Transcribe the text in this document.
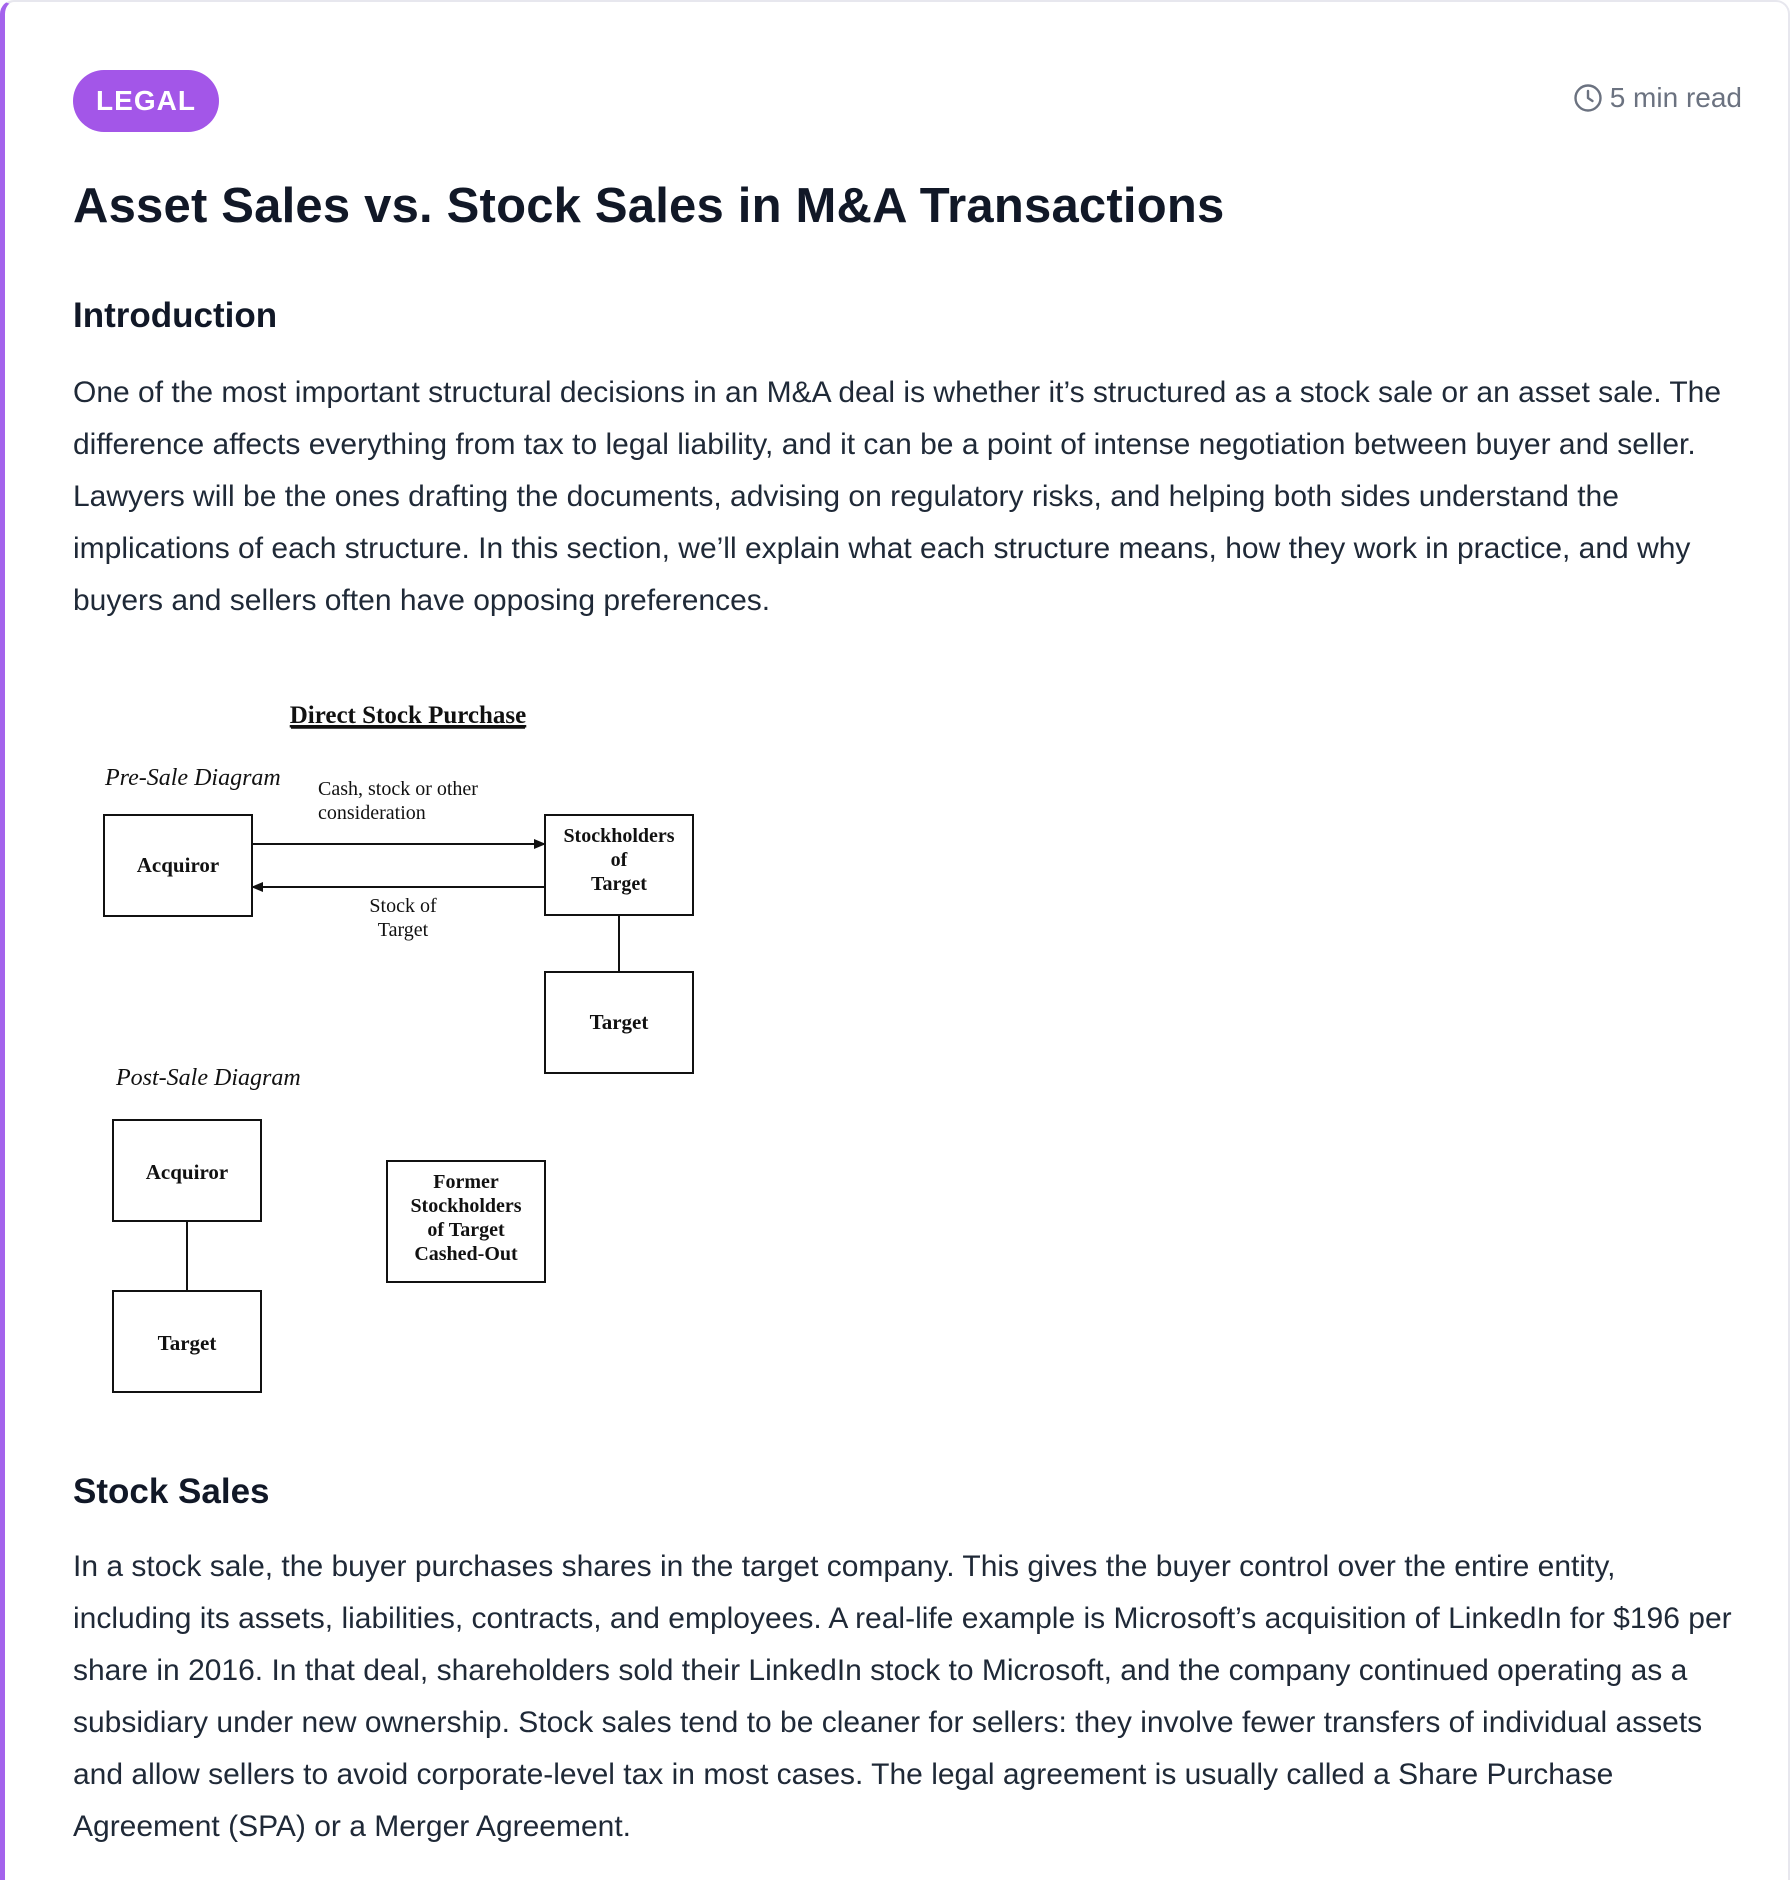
LEGAL	5 min read
Asset Sales vs. Stock Sales in M&A Transactions
Introduction

One of the most important structural decisions in an M&A deal is whether it’s structured as a stock sale or an asset sale. The difference affects everything from tax to legal liability, and it can be a point of intense negotiation between buyer and seller. Lawyers will be the ones drafting the documents, advising on regulatory risks, and helping both sides understand the implications of each structure. In this section, we’ll explain what each structure means, how they work in practice, and why buyers and sellers often have opposing preferences.

Direct Stock Purchase
Pre-Sale Diagram Cash, stock or other
consideration
Acquiror
Stockholders
of
Target
Stock of
Target
Target
Post-Sale Diagram
Acquiror
Target
Former
Stockholders
of Target
Cashed-Out
Stock Sales

In a stock sale, the buyer purchases shares in the target company. This gives the buyer control over the entire entity, including its assets, liabilities, contracts, and employees. A real-life example is Microsoft’s acquisition of LinkedIn for $196 per share in 2016. In that deal, shareholders sold their LinkedIn stock to Microsoft, and the company continued operating as a subsidiary under new ownership. Stock sales tend to be cleaner for sellers: they involve fewer transfers of individual assets and allow sellers to avoid corporate-level tax in most cases. The legal agreement is usually called a Share Purchase Agreement (SPA) or a Merger Agreement.
